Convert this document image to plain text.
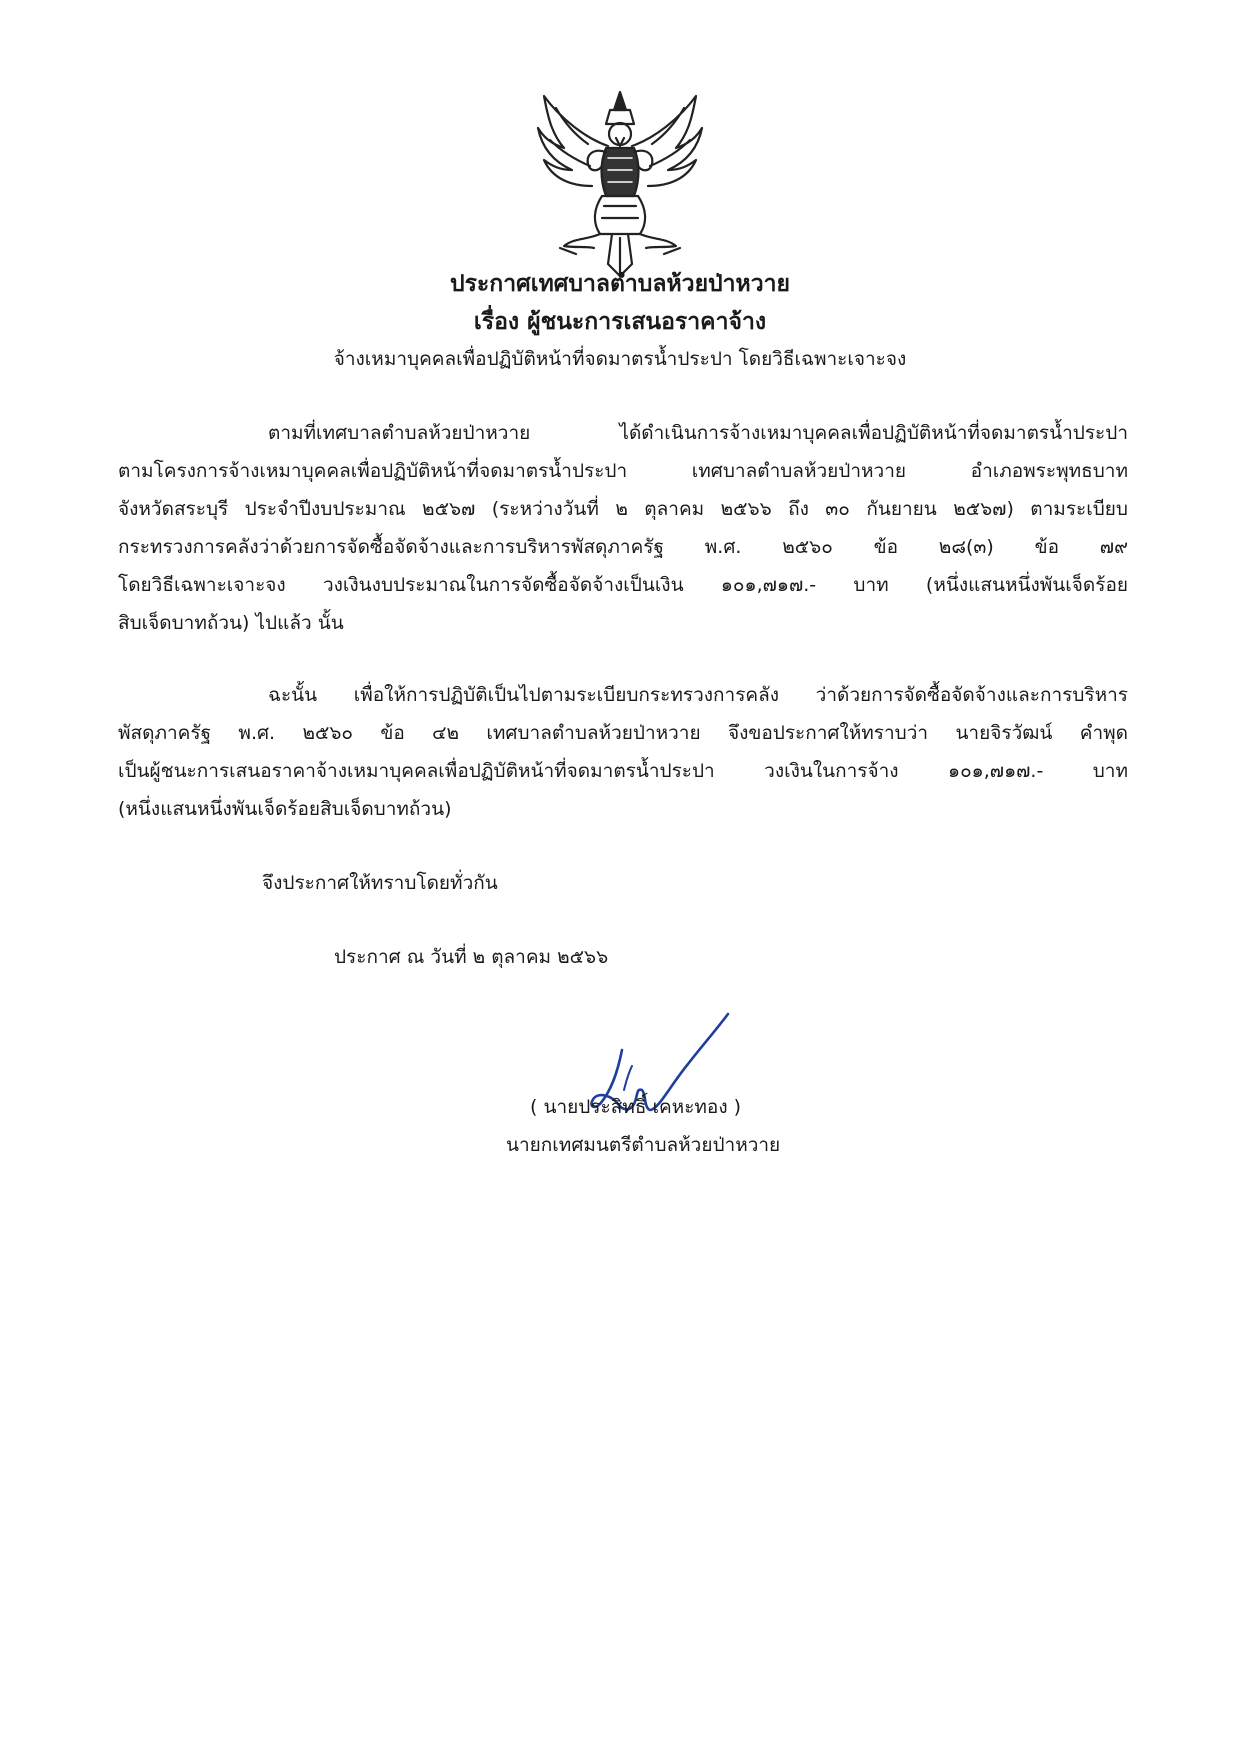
ประกาศเทศบาลตำบลห้วยป่าหวาย
เรื่อง ผู้ชนะการเสนอราคาจ้าง
จ้างเหมาบุคคลเพื่อปฏิบัติหน้าที่จดมาตรน้ำประปา โดยวิธีเฉพาะเจาะจง
ตามที่เทศบาลตำบลห้วยป่าหวาย ได้ดำเนินการจ้างเหมาบุคคลเพื่อปฏิบัติหน้าที่จดมาตรน้ำประปา
ตามโครงการจ้างเหมาบุคคลเพื่อปฏิบัติหน้าที่จดมาตรน้ำประปา เทศบาลตำบลห้วยป่าหวาย อำเภอพระพุทธบาท
จังหวัดสระบุรี ประจำปีงบประมาณ ๒๕๖๗ (ระหว่างวันที่ ๒ ตุลาคม ๒๕๖๖ ถึง ๓๐ กันยายน ๒๕๖๗) ตามระเบียบ
กระทรวงการคลังว่าด้วยการจัดซื้อจัดจ้างและการบริหารพัสดุภาครัฐ พ.ศ. ๒๕๖๐ ข้อ ๒๘(๓) ข้อ ๗๙
โดยวิธีเฉพาะเจาะจง วงเงินงบประมาณในการจัดซื้อจัดจ้างเป็นเงิน ๑๐๑,๗๑๗.- บาท (หนึ่งแสนหนึ่งพันเจ็ดร้อย
สิบเจ็ดบาทถ้วน) ไปแล้ว นั้น
ฉะนั้น เพื่อให้การปฏิบัติเป็นไปตามระเบียบกระทรวงการคลัง ว่าด้วยการจัดซื้อจัดจ้างและการบริหาร
พัสดุภาครัฐ พ.ศ. ๒๕๖๐ ข้อ ๔๒ เทศบาลตำบลห้วยป่าหวาย จึงขอประกาศให้ทราบว่า นายจิรวัฒน์ คำพุด
เป็นผู้ชนะการเสนอราคาจ้างเหมาบุคคลเพื่อปฏิบัติหน้าที่จดมาตรน้ำประปา วงเงินในการจ้าง ๑๐๑,๗๑๗.- บาท
(หนึ่งแสนหนึ่งพันเจ็ดร้อยสิบเจ็ดบาทถ้วน)
จึงประกาศให้ทราบโดยทั่วกัน
ประกาศ ณ วันที่ ๒ ตุลาคม ๒๕๖๖
( นายประสิทธิ์ เคหะทอง )
นายกเทศมนตรีตำบลห้วยป่าหวาย
